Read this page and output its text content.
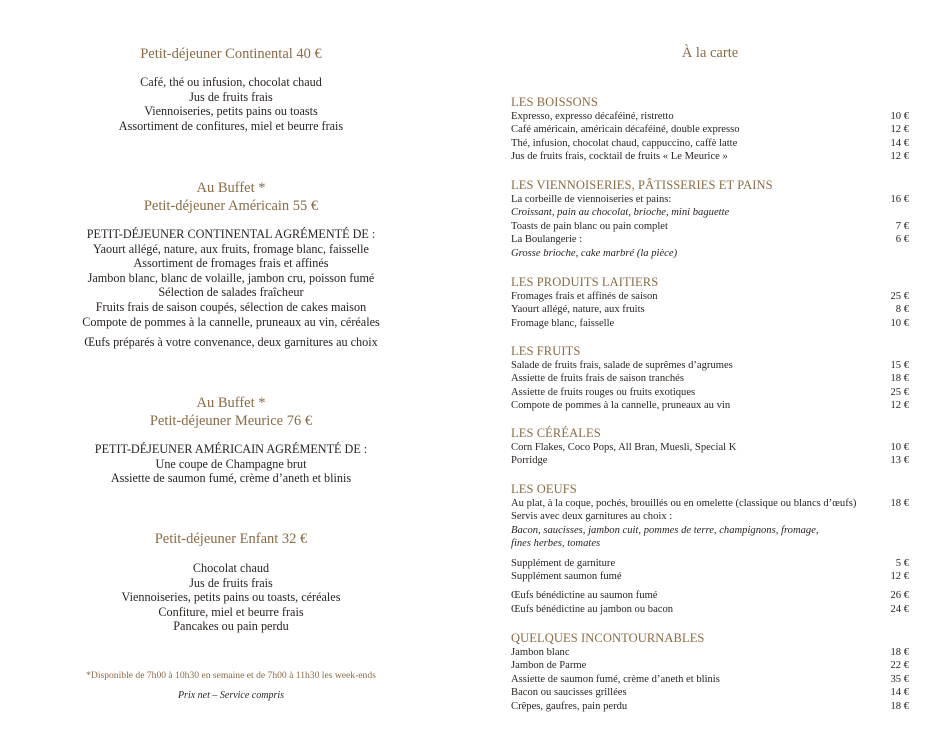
Petit-déjeuner Continental 40 €
Café, thé ou infusion, chocolat chaud
Jus de fruits frais
Viennoiseries, petits pains ou toasts
Assortiment de confitures, miel et beurre frais
Au Buffet *
Petit-déjeuner Américain 55 €
PETIT-DÉJEUNER CONTINENTAL AGRÉMENTÉ DE :
Yaourt allégé, nature, aux fruits, fromage blanc, faisselle
Assortiment de fromages frais et affinés
Jambon blanc, blanc de volaille, jambon cru, poisson fumé
Sélection de salades fraîcheur
Fruits frais de saison coupés, sélection de cakes maison
Compote de pommes à la cannelle, pruneaux au vin, céréales
Œufs préparés à votre convenance, deux garnitures au choix
Au Buffet *
Petit-déjeuner Meurice 76 €
PETIT-DÉJEUNER AMÉRICAIN AGRÉMENTÉ DE :
Une coupe de Champagne brut
Assiette de saumon fumé, crème d’aneth et blinis
Petit-déjeuner Enfant 32 €
Chocolat chaud
Jus de fruits frais
Viennoiseries, petits pains ou toasts, céréales
Confiture, miel et beurre frais
Pancakes ou pain perdu
*Disponible de 7h00 à 10h30 en semaine et de 7h00 à 11h30 les week-ends
Prix net – Service compris
À la carte
LES BOISSONS
Expresso, expresso décaféiné, ristretto	10 €
Café américain, américain décaféiné, double expresso	12 €
Thé, infusion, chocolat chaud, cappuccino, caffè latte	14 €
Jus de fruits frais, cocktail de fruits « Le Meurice »	12 €
LES VIENNOISERIES, PÂTISSERIES ET PAINS
La corbeille de viennoiseries et pains:	16 €
Croissant, pain au chocolat, brioche, mini baguette
Toasts de pain blanc ou pain complet	7 €
La Boulangerie :	6 €
Grosse brioche, cake marbré (la pièce)
LES PRODUITS LAITIERS
Fromages frais et affinés de saison	25 €
Yaourt allégé, nature, aux fruits	8 €
Fromage blanc, faisselle	10 €
LES FRUITS
Salade de fruits frais, salade de suprêmes d’agrumes	15 €
Assiette de fruits frais de saison tranchés	18 €
Assiette de fruits rouges ou fruits exotiques	25 €
Compote de pommes à la cannelle, pruneaux au vin	12 €
LES CÉRÉALES
Corn Flakes, Coco Pops, All Bran, Muesli, Special K	10 €
Porridge	13 €
LES OEUFS
Au plat, à la coque, pochés, brouillés ou en omelette (classique ou blancs d’œufs)	18 €
Servis avec deux garnitures au choix :
Bacon, saucisses, jambon cuit, pommes de terre, champignons, fromage,
fines herbes, tomates
Supplément de garniture	5 €
Supplément saumon fumé	12 €
Œufs bénédictine au saumon fumé	26 €
Œufs bénédictine au jambon ou bacon	24 €
QUELQUES INCONTOURNABLES
Jambon blanc	18 €
Jambon de Parme	22 €
Assiette de saumon fumé, crème d’aneth et blinis	35 €
Bacon ou saucisses grillées	14 €
Crêpes, gaufres, pain perdu	18 €
